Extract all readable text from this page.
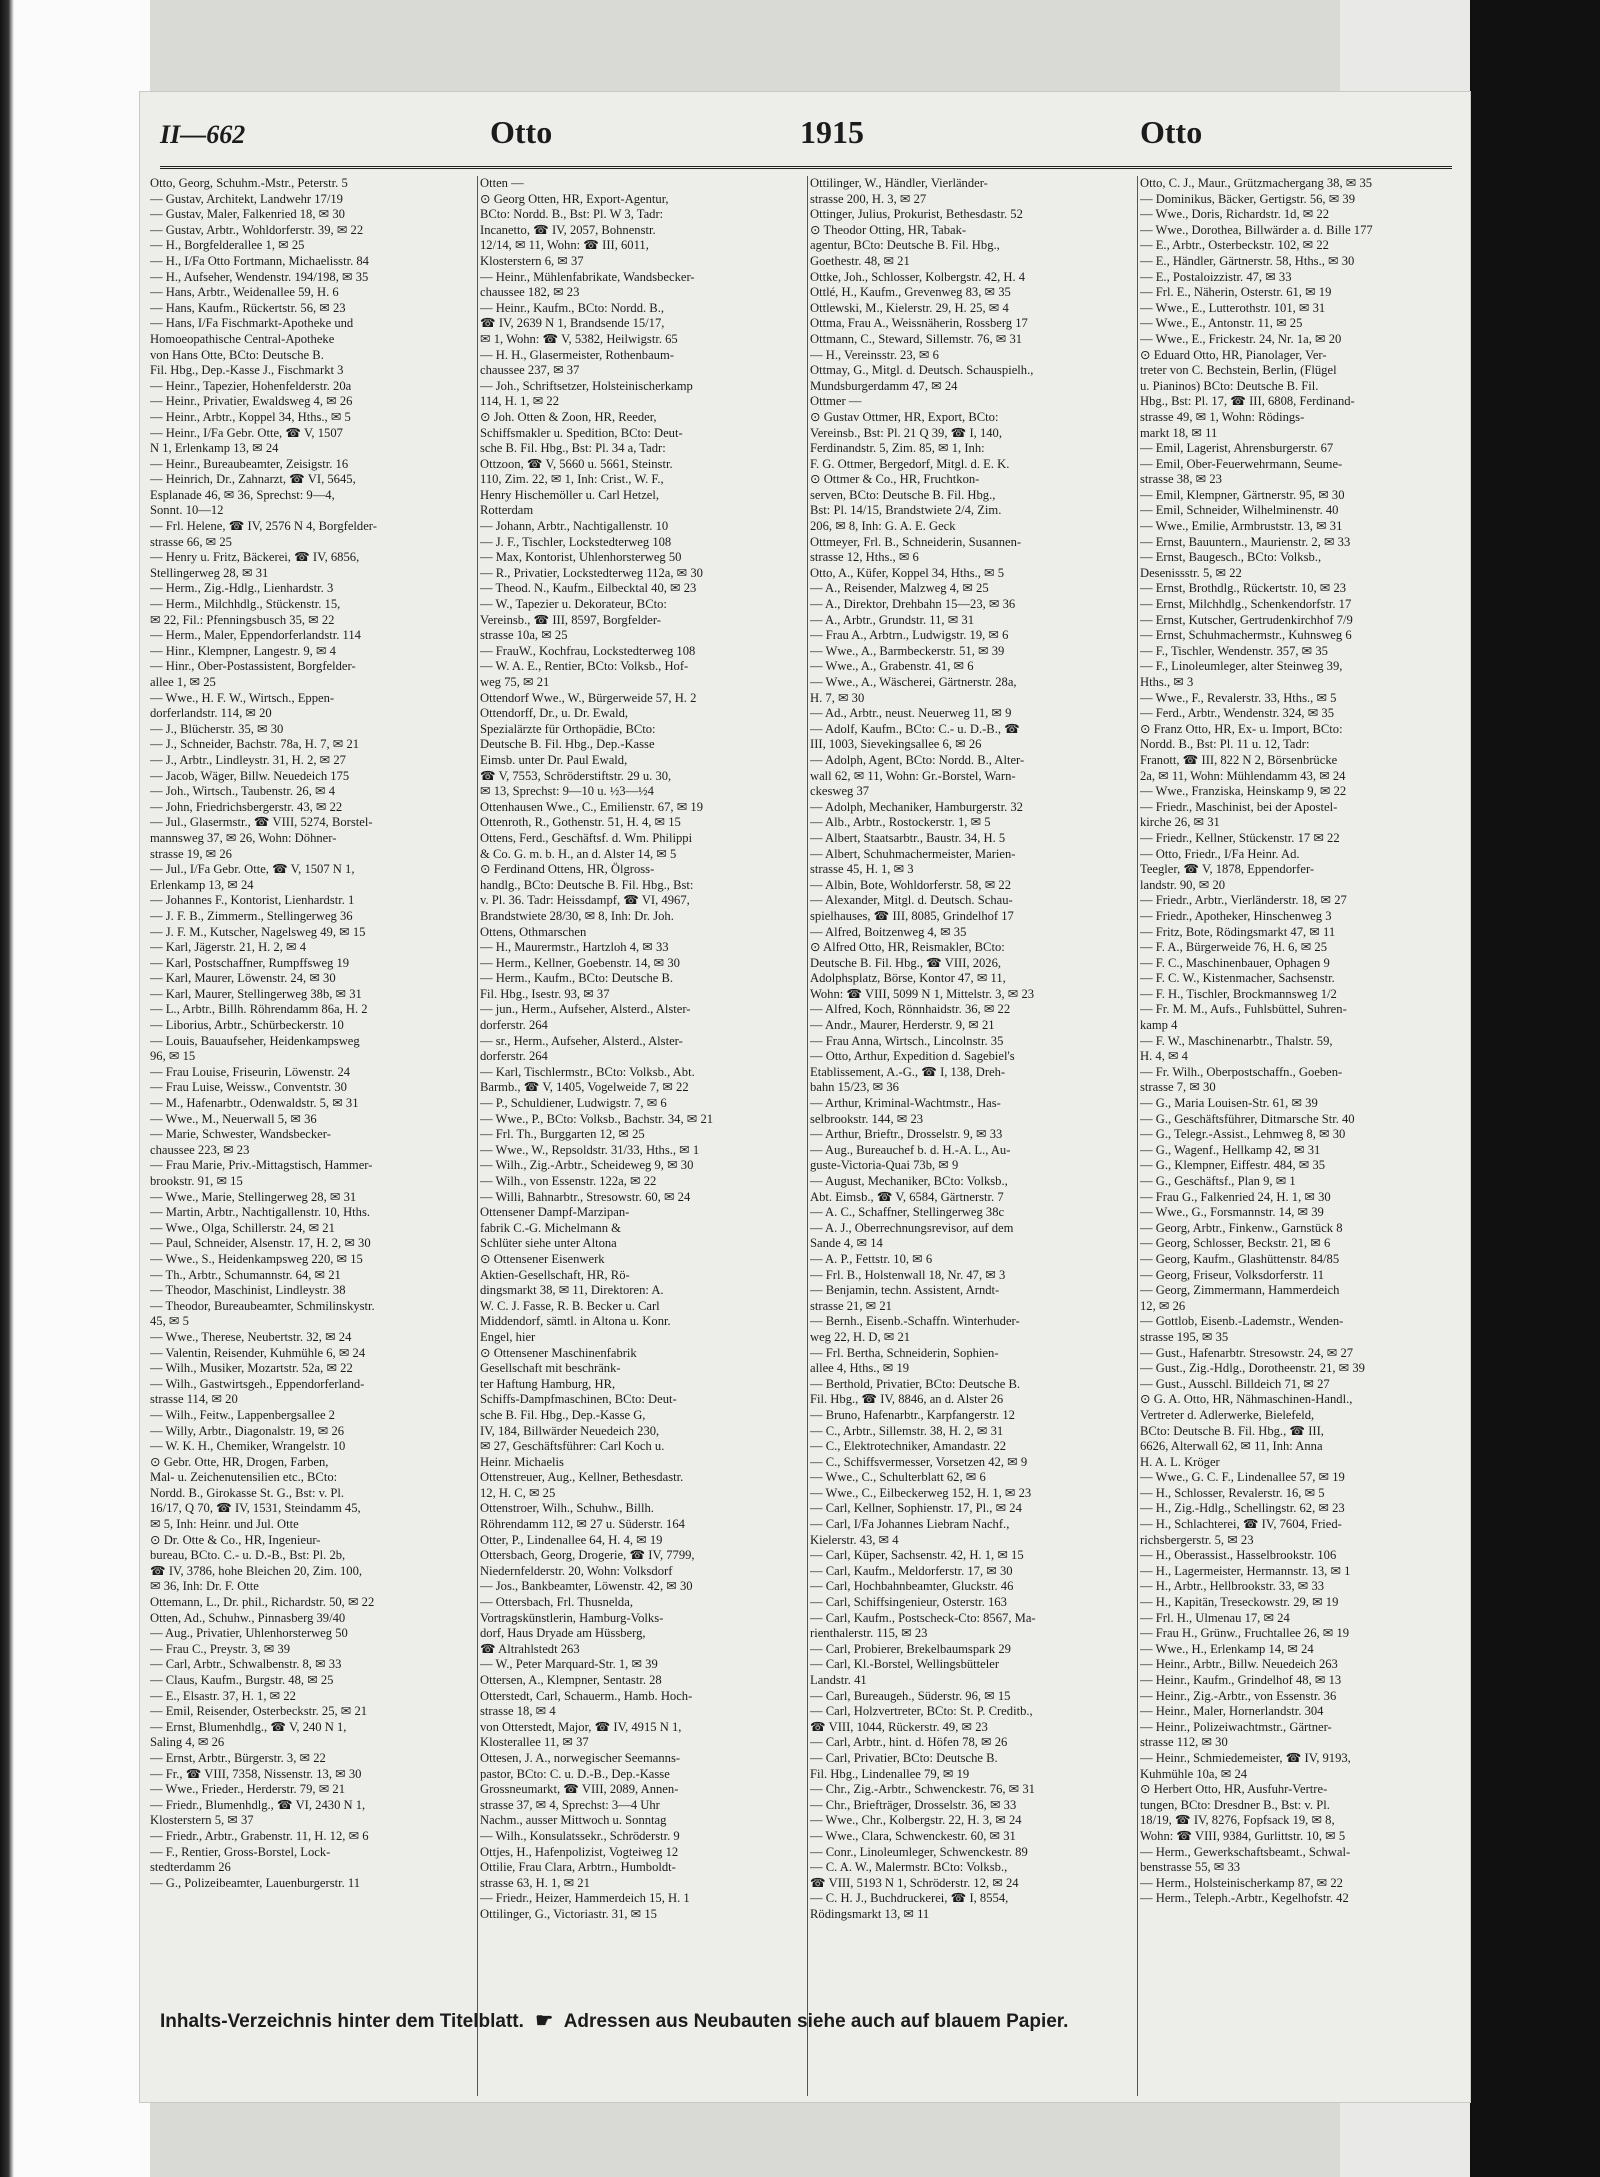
II—662	Otto	1915	Otto
Otto, Georg, Schuhm.-Mstr., Peterstr. 5
— Gustav, Architekt, Landwehr 17/19
— Gustav, Maler, Falkenried 18, ✉ 30
— Gustav, Arbtr., Wohldorferstr. 39, ✉ 22
— H., Borgfelderallee 1, ✉ 25
— H., I/Fa Otto Fortmann, Michaelisstr. 84
— H., Aufseher, Wendenstr. 194/198, ✉ 35
— Hans, Arbtr., Weidenallee 59, H. 6
— Hans, Kaufm., Rückertstr. 56, ✉ 23
— Hans, I/Fa Fischmarkt-Apotheke und
Homoeopathische Central-Apotheke
von Hans Otte, BCto: Deutsche B.
Fil. Hbg., Dep.-Kasse J., Fischmarkt 3
— Heinr., Tapezier, Hohenfelderstr. 20a
— Heinr., Privatier, Ewaldsweg 4, ✉ 26
— Heinr., Arbtr., Koppel 34, Hths., ✉ 5
— Heinr., I/Fa Gebr. Otte, ☎ V, 1507
N 1, Erlenkamp 13, ✉ 24
— Heinr., Bureaubeamter, Zeisigstr. 16
— Heinrich, Dr., Zahnarzt, ☎ VI, 5645,
Esplanade 46, ✉ 36, Sprechst: 9—4,
Sonnt. 10—12
— Frl. Helene, ☎ IV, 2576 N 4, Borgfelder-
strasse 66, ✉ 25
— Henry u. Fritz, Bäckerei, ☎ IV, 6856,
Stellingerweg 28, ✉ 31
— Herm., Zig.-Hdlg., Lienhardstr. 3
— Herm., Milchhdlg., Stückenstr. 15,
✉ 22, Fil.: Pfenningsbusch 35, ✉ 22
— Herm., Maler, Eppendorferlandstr. 114
— Hinr., Klempner, Langestr. 9, ✉ 4
— Hinr., Ober-Postassistent, Borgfelder-
allee 1, ✉ 25
— Wwe., H. F. W., Wirtsch., Eppen-
dorferlandstr. 114, ✉ 20
— J., Blücherstr. 35, ✉ 30
— J., Schneider, Bachstr. 78a, H. 7, ✉ 21
— J., Arbtr., Lindleystr. 31, H. 2, ✉ 27
— Jacob, Wäger, Billw. Neuedeich 175
— Joh., Wirtsch., Taubenstr. 26, ✉ 4
— John, Friedrichsbergerstr. 43, ✉ 22
— Jul., Glasermstr., ☎ VIII, 5274, Borstel-
mannsweg 37, ✉ 26, Wohn: Döhner-
strasse 19, ✉ 26
— Jul., I/Fa Gebr. Otte, ☎ V, 1507 N 1,
Erlenkamp 13, ✉ 24
— Johannes F., Kontorist, Lienhardstr. 1
— J. F. B., Zimmerm., Stellingerweg 36
— J. F. M., Kutscher, Nagelsweg 49, ✉ 15
— Karl, Jägerstr. 21, H. 2, ✉ 4
— Karl, Postschaffner, Rumpffsweg 19
— Karl, Maurer, Löwenstr. 24, ✉ 30
— Karl, Maurer, Stellingerweg 38b, ✉ 31
— L., Arbtr., Billh. Röhrendamm 86a, H. 2
— Liborius, Arbtr., Schürbeckerstr. 10
— Louis, Bauaufseher, Heidenkampsweg
96, ✉ 15
— Frau Louise, Friseurin, Löwenstr. 24
— Frau Luise, Weissw., Conventstr. 30
— M., Hafenarbtr., Odenwaldstr. 5, ✉ 31
— Wwe., M., Neuerwall 5, ✉ 36
— Marie, Schwester, Wandsbecker-
chaussee 223, ✉ 23
— Frau Marie, Priv.-Mittagstisch, Hammer-
brookstr. 91, ✉ 15
— Wwe., Marie, Stellingerweg 28, ✉ 31
— Martin, Arbtr., Nachtigallenstr. 10, Hths.
— Wwe., Olga, Schillerstr. 24, ✉ 21
— Paul, Schneider, Alsenstr. 17, H. 2, ✉ 30
— Wwe., S., Heidenkampsweg 220, ✉ 15
— Th., Arbtr., Schumannstr. 64, ✉ 21
— Theodor, Maschinist, Lindleystr. 38
— Theodor, Bureaubeamter, Schmilinskystr.
45, ✉ 5
— Wwe., Therese, Neubertstr. 32, ✉ 24
— Valentin, Reisender, Kuhmühle 6, ✉ 24
— Wilh., Musiker, Mozartstr. 52a, ✉ 22
— Wilh., Gastwirtsgeh., Eppendorferland-
strasse 114, ✉ 20
— Wilh., Feitw., Lappenbergsallee 2
— Willy, Arbtr., Diagonalstr. 19, ✉ 26
— W. K. H., Chemiker, Wrangelstr. 10
⊙ Gebr. Otte, HR, Drogen, Farben,
Mal- u. Zeichenutensilien etc., BCto:
Nordd. B., Girokasse St. G., Bst: v. Pl.
16/17, Q 70, ☎ IV, 1531, Steindamm 45,
✉ 5, Inh: Heinr. und Jul. Otte
⊙ Dr. Otte & Co., HR, Ingenieur-
bureau, BCto. C.- u. D.-B., Bst: Pl. 2b,
☎ IV, 3786, hohe Bleichen 20, Zim. 100,
✉ 36, Inh: Dr. F. Otte
Ottemann, L., Dr. phil., Richardstr. 50, ✉ 22
Otten, Ad., Schuhw., Pinnasberg 39/40
— Aug., Privatier, Uhlenhorsterweg 50
— Frau C., Preystr. 3, ✉ 39
— Carl, Arbtr., Schwalbenstr. 8, ✉ 33
— Claus, Kaufm., Burgstr. 48, ✉ 25
— E., Elsastr. 37, H. 1, ✉ 22
— Emil, Reisender, Osterbeckstr. 25, ✉ 21
— Ernst, Blumenhdlg., ☎ V, 240 N 1,
Saling 4, ✉ 26
— Ernst, Arbtr., Bürgerstr. 3, ✉ 22
— Fr., ☎ VIII, 7358, Nissenstr. 13, ✉ 30
— Wwe., Frieder., Herderstr. 79, ✉ 21
— Friedr., Blumenhdlg., ☎ VI, 2430 N 1,
Klosterstern 5, ✉ 37
— Friedr., Arbtr., Grabenstr. 11, H. 12, ✉ 6
— F., Rentier, Gross-Borstel, Lock-
stedterdamm 26
— G., Polizeibeamter, Lauenburgerstr. 11
Otten —
⊙ Georg Otten, HR, Export-Agentur,
BCto: Nordd. B., Bst: Pl. W 3, Tadr:
Incanetto, ☎ IV, 2057, Bohnenstr.
12/14, ✉ 11, Wohn: ☎ III, 6011,
Klosterstern 6, ✉ 37
— Heinr., Mühlenfabrikate, Wandsbecker-
chaussee 182, ✉ 23
— Heinr., Kaufm., BCto: Nordd. B.,
☎ IV, 2639 N 1, Brandsende 15/17,
✉ 1, Wohn: ☎ V, 5382, Heilwigstr. 65
— H. H., Glasermeister, Rothenbaum-
chaussee 237, ✉ 37
— Joh., Schriftsetzer, Holsteinischerkamp
114, H. 1, ✉ 22
⊙ Joh. Otten & Zoon, HR, Reeder,
Schiffsmakler u. Spedition, BCto: Deut-
sche B. Fil. Hbg., Bst: Pl. 34 a, Tadr:
Ottzoon, ☎ V, 5660 u. 5661, Steinstr.
110, Zim. 22, ✉ 1, Inh: Crist., W. F.,
Henry Hischemöller u. Carl Hetzel,
Rotterdam
— Johann, Arbtr., Nachtigallenstr. 10
— J. F., Tischler, Lockstedterweg 108
— Max, Kontorist, Uhlenhorsterweg 50
— R., Privatier, Lockstedterweg 112a, ✉ 30
— Theod. N., Kaufm., Eilbecktal 40, ✉ 23
— W., Tapezier u. Dekorateur, BCto:
Vereinsb., ☎ III, 8597, Borgfelder-
strasse 10a, ✉ 25
— FrauW., Kochfrau, Lockstedterweg 108
— W. A. E., Rentier, BCto: Volksb., Hof-
weg 75, ✉ 21
Ottendorf Wwe., W., Bürgerweide 57, H. 2
Ottendorff, Dr., u. Dr. Ewald,
Spezialärzte für Orthopädie, BCto:
Deutsche B. Fil. Hbg., Dep.-Kasse
Eimsb. unter Dr. Paul Ewald,
☎ V, 7553, Schröderstiftstr. 29 u. 30,
✉ 13, Sprechst: 9—10 u. ½3—½4
Ottenhausen Wwe., C., Emilienstr. 67, ✉ 19
Ottenroth, R., Gothenstr. 51, H. 4, ✉ 15
Ottens, Ferd., Geschäftsf. d. Wm. Philippi
& Co. G. m. b. H., an d. Alster 14, ✉ 5
⊙ Ferdinand Ottens, HR, Ölgross-
handlg., BCto: Deutsche B. Fil. Hbg., Bst:
v. Pl. 36. Tadr: Heissdampf, ☎ VI, 4967,
Brandstwiete 28/30, ✉ 8, Inh: Dr. Joh.
Ottens, Othmarschen
— H., Maurermstr., Hartzloh 4, ✉ 33
— Herm., Kellner, Goebenstr. 14, ✉ 30
— Herm., Kaufm., BCto: Deutsche B.
Fil. Hbg., Isestr. 93, ✉ 37
— jun., Herm., Aufseher, Alsterd., Alster-
dorferstr. 264
— sr., Herm., Aufseher, Alsterd., Alster-
dorferstr. 264
— Karl, Tischlermstr., BCto: Volksb., Abt.
Barmb., ☎ V, 1405, Vogelweide 7, ✉ 22
— P., Schuldiener, Ludwigstr. 7, ✉ 6
— Wwe., P., BCto: Volksb., Bachstr. 34, ✉ 21
— Frl. Th., Burggarten 12, ✉ 25
— Wwe., W., Repsoldstr. 31/33, Hths., ✉ 1
— Wilh., Zig.-Arbtr., Scheideweg 9, ✉ 30
— Wilh., von Essenstr. 122a, ✉ 22
— Willi, Bahnarbtr., Stresowstr. 60, ✉ 24
Ottensener Dampf-Marzipan-
fabrik C.-G. Michelmann &
Schlüter siehe unter Altona
⊙ Ottensener Eisenwerk
Aktien-Gesellschaft, HR, Rö-
dingsmarkt 38, ✉ 11, Direktoren: A.
W. C. J. Fasse, R. B. Becker u. Carl
Middendorf, sämtl. in Altona u. Konr.
Engel, hier
⊙ Ottensener Maschinenfabrik
Gesellschaft mit beschränk-
ter Haftung Hamburg, HR,
Schiffs-Dampfmaschinen, BCto: Deut-
sche B. Fil. Hbg., Dep.-Kasse G,
IV, 184, Billwärder Neuedeich 230,
✉ 27, Geschäftsführer: Carl Koch u.
Heinr. Michaelis
Ottenstreuer, Aug., Kellner, Bethesdastr.
12, H. C, ✉ 25
Ottenstroer, Wilh., Schuhw., Billh.
Röhrendamm 112, ✉ 27 u. Süderstr. 164
Otter, P., Lindenallee 64, H. 4, ✉ 19
Ottersbach, Georg, Drogerie, ☎ IV, 7799,
Niedernfelderstr. 20, Wohn: Volksdorf
— Jos., Bankbeamter, Löwenstr. 42, ✉ 30
— Ottersbach, Frl. Thusnelda,
Vortragskünstlerin, Hamburg-Volks-
dorf, Haus Dryade am Hüssberg,
☎ Altrahlstedt 263
— W., Peter Marquard-Str. 1, ✉ 39
Ottersen, A., Klempner, Sentastr. 28
Otterstedt, Carl, Schauerm., Hamb. Hoch-
strasse 18, ✉ 4
von Otterstedt, Major, ☎ IV, 4915 N 1,
Klosterallee 11, ✉ 37
Ottesen, J. A., norwegischer Seemanns-
pastor, BCto: C. u. D.-B., Dep.-Kasse
Grossneumarkt, ☎ VIII, 2089, Annen-
strasse 37, ✉ 4, Sprechst: 3—4 Uhr
Nachm., ausser Mittwoch u. Sonntag
— Wilh., Konsulatssekr., Schröderstr. 9
Ottjes, H., Hafenpolizist, Vogteiweg 12
Ottilie, Frau Clara, Arbtrn., Humboldt-
strasse 63, H. 1, ✉ 21
— Friedr., Heizer, Hammerdeich 15, H. 1
Ottilinger, G., Victoriastr. 31, ✉ 15
Ottilinger, W., Händler, Vierländer-
strasse 200, H. 3, ✉ 27
Ottinger, Julius, Prokurist, Bethesdastr. 52
⊙ Theodor Otting, HR, Tabak-
agentur, BCto: Deutsche B. Fil. Hbg.,
Goethestr. 48, ✉ 21
Ottke, Joh., Schlosser, Kolbergstr. 42, H. 4
Ottlé, H., Kaufm., Grevenweg 83, ✉ 35
Ottlewski, M., Kielerstr. 29, H. 25, ✉ 4
Ottma, Frau A., Weissnäherin, Rossberg 17
Ottmann, C., Steward, Sillemstr. 76, ✉ 31
— H., Vereinsstr. 23, ✉ 6
Ottmay, G., Mitgl. d. Deutsch. Schauspielh.,
Mundsburgerdamm 47, ✉ 24
Ottmer —
⊙ Gustav Ottmer, HR, Export, BCto:
Vereinsb., Bst: Pl. 21 Q 39, ☎ I, 140,
Ferdinandstr. 5, Zim. 85, ✉ 1, Inh:
F. G. Ottmer, Bergedorf, Mitgl. d. E. K.
⊙ Ottmer & Co., HR, Fruchtkon-
serven, BCto: Deutsche B. Fil. Hbg.,
Bst: Pl. 14/15, Brandstwiete 2/4, Zim.
206, ✉ 8, Inh: G. A. E. Geck
Ottmeyer, Frl. B., Schneiderin, Susannen-
strasse 12, Hths., ✉ 6
Otto, A., Küfer, Koppel 34, Hths., ✉ 5
— A., Reisender, Malzweg 4, ✉ 25
— A., Direktor, Drehbahn 15—23, ✉ 36
— A., Arbtr., Grundstr. 11, ✉ 31
— Frau A., Arbtrn., Ludwigstr. 19, ✉ 6
— Wwe., A., Barmbeckerstr. 51, ✉ 39
— Wwe., A., Grabenstr. 41, ✉ 6
— Wwe., A., Wäscherei, Gärtnerstr. 28a,
H. 7, ✉ 30
— Ad., Arbtr., neust. Neuerweg 11, ✉ 9
— Adolf, Kaufm., BCto: C.- u. D.-B., ☎
III, 1003, Sievekingsallee 6, ✉ 26
— Adolph, Agent, BCto: Nordd. B., Alter-
wall 62, ✉ 11, Wohn: Gr.-Borstel, Warn-
ckesweg 37
— Adolph, Mechaniker, Hamburgerstr. 32
— Alb., Arbtr., Rostockerstr. 1, ✉ 5
— Albert, Staatsarbtr., Baustr. 34, H. 5
— Albert, Schuhmachermeister, Marien-
strasse 45, H. 1, ✉ 3
— Albin, Bote, Wohldorferstr. 58, ✉ 22
— Alexander, Mitgl. d. Deutsch. Schau-
spielhauses, ☎ III, 8085, Grindelhof 17
— Alfred, Boitzenweg 4, ✉ 35
⊙ Alfred Otto, HR, Reismakler, BCto:
Deutsche B. Fil. Hbg., ☎ VIII, 2026,
Adolphsplatz, Börse, Kontor 47, ✉ 11,
Wohn: ☎ VIII, 5099 N 1, Mittelstr. 3, ✉ 23
— Alfred, Koch, Rönnhaidstr. 36, ✉ 22
— Andr., Maurer, Herderstr. 9, ✉ 21
— Frau Anna, Wirtsch., Lincolnstr. 35
— Otto, Arthur, Expedition d. Sagebiel's
Etablissement, A.-G., ☎ I, 138, Dreh-
bahn 15/23, ✉ 36
— Arthur, Kriminal-Wachtmstr., Has-
selbrookstr. 144, ✉ 23
— Arthur, Brieftr., Drosselstr. 9, ✉ 33
— Aug., Bureauchef b. d. H.-A. L., Au-
guste-Victoria-Quai 73b, ✉ 9
— August, Mechaniker, BCto: Volksb.,
Abt. Eimsb., ☎ V, 6584, Gärtnerstr. 7
— A. C., Schaffner, Stellingerweg 38c
— A. J., Oberrechnungsrevisor, auf dem
Sande 4, ✉ 14
— A. P., Fettstr. 10, ✉ 6
— Frl. B., Holstenwall 18, Nr. 47, ✉ 3
— Benjamin, techn. Assistent, Arndt-
strasse 21, ✉ 21
— Bernh., Eisenb.-Schaffn. Winterhuder-
weg 22, H. D, ✉ 21
— Frl. Bertha, Schneiderin, Sophien-
allee 4, Hths., ✉ 19
— Berthold, Privatier, BCto: Deutsche B.
Fil. Hbg., ☎ IV, 8846, an d. Alster 26
— Bruno, Hafenarbtr., Karpfangerstr. 12
— C., Arbtr., Sillemstr. 38, H. 2, ✉ 31
— C., Elektrotechniker, Amandastr. 22
— C., Schiffsvermesser, Vorsetzen 42, ✉ 9
— Wwe., C., Schulterblatt 62, ✉ 6
— Wwe., C., Eilbeckerweg 152, H. 1, ✉ 23
— Carl, Kellner, Sophienstr. 17, Pl., ✉ 24
— Carl, I/Fa Johannes Liebram Nachf.,
Kielerstr. 43, ✉ 4
— Carl, Küper, Sachsenstr. 42, H. 1, ✉ 15
— Carl, Kaufm., Meldorferstr. 17, ✉ 30
— Carl, Hochbahnbeamter, Gluckstr. 46
— Carl, Schiffsingenieur, Osterstr. 163
— Carl, Kaufm., Postscheck-Cto: 8567, Ma-
rienthalerstr. 115, ✉ 23
— Carl, Probierer, Brekelbaumspark 29
— Carl, Kl.-Borstel, Wellingsbütteler
Landstr. 41
— Carl, Bureaugeh., Süderstr. 96, ✉ 15
— Carl, Holzvertreter, BCto: St. P. Creditb.,
☎ VIII, 1044, Rückerstr. 49, ✉ 23
— Carl, Arbtr., hint. d. Höfen 78, ✉ 26
— Carl, Privatier, BCto: Deutsche B.
Fil. Hbg., Lindenallee 79, ✉ 19
— Chr., Zig.-Arbtr., Schwenckestr. 76, ✉ 31
— Chr., Briefträger, Drosselstr. 36, ✉ 33
— Wwe., Chr., Kolbergstr. 22, H. 3, ✉ 24
— Wwe., Clara, Schwenckestr. 60, ✉ 31
— Conr., Linoleumleger, Schwenckestr. 89
— C. A. W., Malermstr. BCto: Volksb.,
☎ VIII, 5193 N 1, Schröderstr. 12, ✉ 24
— C. H. J., Buchdruckerei, ☎ I, 8554,
Rödingsmarkt 13, ✉ 11
Otto, C. J., Maur., Grützmachergang 38, ✉ 35
— Dominikus, Bäcker, Gertigstr. 56, ✉ 39
— Wwe., Doris, Richardstr. 1d, ✉ 22
— Wwe., Dorothea, Billwärder a. d. Bille 177
— E., Arbtr., Osterbeckstr. 102, ✉ 22
— E., Händler, Gärtnerstr. 58, Hths., ✉ 30
— E., Postaloizzistr. 47, ✉ 33
— Frl. E., Näherin, Osterstr. 61, ✉ 19
— Wwe., E., Lutterothstr. 101, ✉ 31
— Wwe., E., Antonstr. 11, ✉ 25
— Wwe., E., Frickestr. 24, Nr. 1a, ✉ 20
⊙ Eduard Otto, HR, Pianolager, Ver-
treter von C. Bechstein, Berlin, (Flügel
u. Pianinos) BCto: Deutsche B. Fil.
Hbg., Bst: Pl. 17, ☎ III, 6808, Ferdinand-
strasse 49, ✉ 1, Wohn: Rödings-
markt 18, ✉ 11
— Emil, Lagerist, Ahrensburgerstr. 67
— Emil, Ober-Feuerwehrmann, Seume-
strasse 38, ✉ 23
— Emil, Klempner, Gärtnerstr. 95, ✉ 30
— Emil, Schneider, Wilhelminenstr. 40
— Wwe., Emilie, Armbruststr. 13, ✉ 31
— Ernst, Bauuntern., Maurienstr. 2, ✉ 33
— Ernst, Baugesch., BCto: Volksb.,
Desenissstr. 5, ✉ 22
— Ernst, Brothdlg., Rückertstr. 10, ✉ 23
— Ernst, Milchhdlg., Schenkendorfstr. 17
— Ernst, Kutscher, Gertrudenkirchhof 7/9
— Ernst, Schuhmachermstr., Kuhnsweg 6
— F., Tischler, Wendenstr. 357, ✉ 35
— F., Linoleumleger, alter Steinweg 39,
Hths., ✉ 3
— Wwe., F., Revalerstr. 33, Hths., ✉ 5
— Ferd., Arbtr., Wendenstr. 324, ✉ 35
⊙ Franz Otto, HR, Ex- u. Import, BCto:
Nordd. B., Bst: Pl. 11 u. 12, Tadr:
Franott, ☎ III, 822 N 2, Börsenbrücke
2a, ✉ 11, Wohn: Mühlendamm 43, ✉ 24
— Wwe., Franziska, Heinskamp 9, ✉ 22
— Friedr., Maschinist, bei der Apostel-
kirche 26, ✉ 31
— Friedr., Kellner, Stückenstr. 17 ✉ 22
— Otto, Friedr., I/Fa Heinr. Ad.
Teegler, ☎ V, 1878, Eppendorfer-
landstr. 90, ✉ 20
— Friedr., Arbtr., Vierländerstr. 18, ✉ 27
— Friedr., Apotheker, Hinschenweg 3
— Fritz, Bote, Rödingsmarkt 47, ✉ 11
— F. A., Bürgerweide 76, H. 6, ✉ 25
— F. C., Maschinenbauer, Ophagen 9
— F. C. W., Kistenmacher, Sachsenstr.
— F. H., Tischler, Brockmannsweg 1/2
— Fr. M. M., Aufs., Fuhlsbüttel, Suhren-
kamp 4
— F. W., Maschinenarbtr., Thalstr. 59,
H. 4, ✉ 4
— Fr. Wilh., Oberpostschaffn., Goeben-
strasse 7, ✉ 30
— G., Maria Louisen-Str. 61, ✉ 39
— G., Geschäftsführer, Ditmarsche Str. 40
— G., Telegr.-Assist., Lehmweg 8, ✉ 30
— G., Wagenf., Hellkamp 42, ✉ 31
— G., Klempner, Eiffestr. 484, ✉ 35
— G., Geschäftsf., Plan 9, ✉ 1
— Frau G., Falkenried 24, H. 1, ✉ 30
— Wwe., G., Forsmannstr. 14, ✉ 39
— Georg, Arbtr., Finkenw., Garnstück 8
— Georg, Schlosser, Beckstr. 21, ✉ 6
— Georg, Kaufm., Glashüttenstr. 84/85
— Georg, Friseur, Volksdorferstr. 11
— Georg, Zimmermann, Hammerdeich
12, ✉ 26
— Gottlob, Eisenb.-Lademstr., Wenden-
strasse 195, ✉ 35
— Gust., Hafenarbtr. Stresowstr. 24, ✉ 27
— Gust., Zig.-Hdlg., Dorotheenstr. 21, ✉ 39
— Gust., Ausschl. Billdeich 71, ✉ 27
⊙ G. A. Otto, HR, Nähmaschinen-Handl.,
Vertreter d. Adlerwerke, Bielefeld,
BCto: Deutsche B. Fil. Hbg., ☎ III,
6626, Alterwall 62, ✉ 11, Inh: Anna
H. A. L. Kröger
— Wwe., G. C. F., Lindenallee 57, ✉ 19
— H., Schlosser, Revalerstr. 16, ✉ 5
— H., Zig.-Hdlg., Schellingstr. 62, ✉ 23
— H., Schlachterei, ☎ IV, 7604, Fried-
richsbergerstr. 5, ✉ 23
— H., Oberassist., Hasselbrookstr. 106
— H., Lagermeister, Hermannstr. 13, ✉ 1
— H., Arbtr., Hellbrookstr. 33, ✉ 33
— H., Kapitän, Treseckowstr. 29, ✉ 19
— Frl. H., Ulmenau 17, ✉ 24
— Frau H., Grünw., Fruchtallee 26, ✉ 19
— Wwe., H., Erlenkamp 14, ✉ 24
— Heinr., Arbtr., Billw. Neuedeich 263
— Heinr., Kaufm., Grindelhof 48, ✉ 13
— Heinr., Zig.-Arbtr., von Essenstr. 36
— Heinr., Maler, Hornerlandstr. 304
— Heinr., Polizeiwachtmstr., Gärtner-
strasse 112, ✉ 30
— Heinr., Schmiedemeister, ☎ IV, 9193,
Kuhmühle 10a, ✉ 24
⊙ Herbert Otto, HR, Ausfuhr-Vertre-
tungen, BCto: Dresdner B., Bst: v. Pl.
18/19, ☎ IV, 8276, Fopfsack 19, ✉ 8,
Wohn: ☎ VIII, 9384, Gurlittstr. 10, ✉ 5
— Herm., Gewerkschaftsbeamt., Schwal-
benstrasse 55, ✉ 33
— Herm., Holsteinischerkamp 87, ✉ 22
— Herm., Teleph.-Arbtr., Kegelhofstr. 42
Inhalts-Verzeichnis hinter dem Titelblatt. ☛ Adressen aus Neubauten siehe auch auf blauem Papier.
